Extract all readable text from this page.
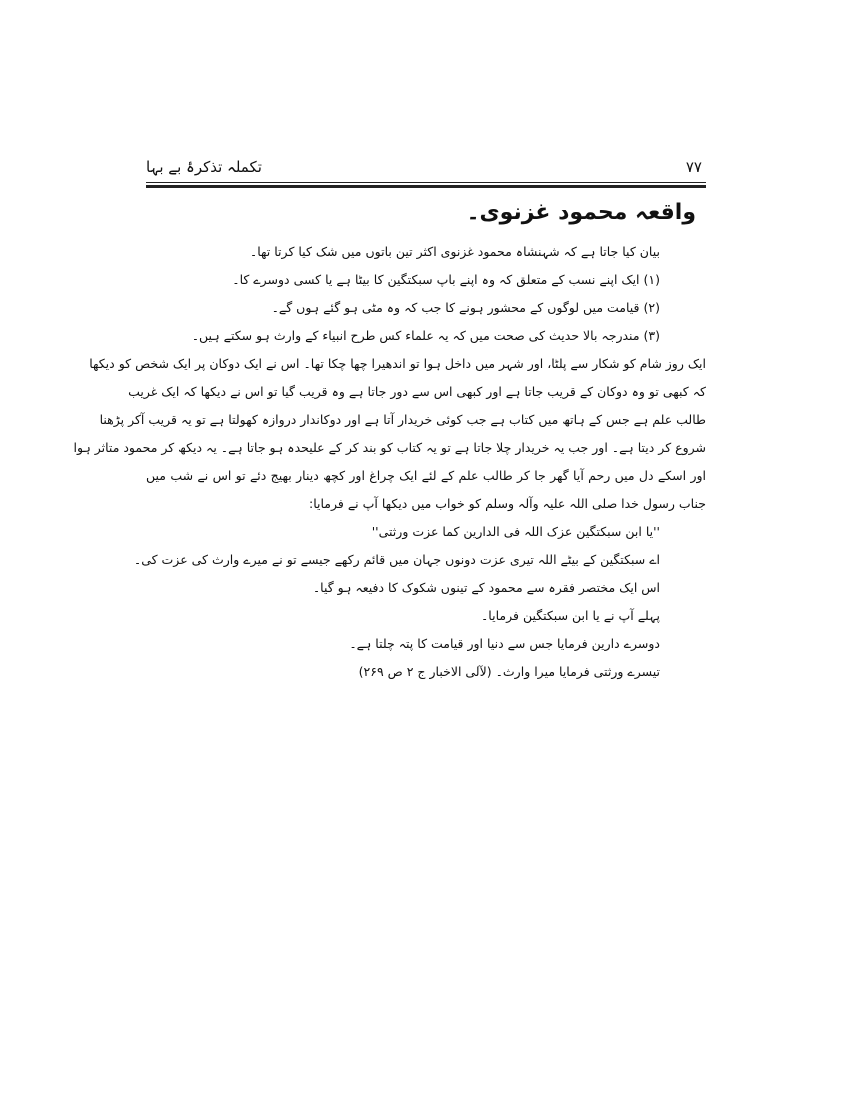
تکملہ تذکرۂ بے بہا	۷۷
واقعہ محمود غزنوی۔
بیان کیا جاتا ہے کہ شہنشاہ محمود غزنوی اکثر تین باتوں میں شک کیا کرتا تھا۔
(۱) ایک اپنے نسب کے متعلق کہ وہ اپنے باپ سبکتگین کا بیٹا ہے یا کسی دوسرے کا۔
(۲) قیامت میں لوگوں کے محشور ہونے کا جب کہ وہ مٹی ہو گئے ہوں گے۔
(۳) مندرجہ بالا حدیث کی صحت میں کہ یہ علماء کس طرح انبیاء کے وارث ہو سکتے ہیں۔
ایک روز شام کو شکار سے پلٹا، اور شہر میں داخل ہوا تو اندھیرا چھا چکا تھا۔ اس نے ایک دوکان پر ایک شخص کو دیکھا
کہ کبھی تو وہ دوکان کے قریب جاتا ہے اور کبھی اس سے دور جاتا ہے وہ قریب گیا تو اس نے دیکھا کہ ایک غریب
طالب علم ہے جس کے ہاتھ میں کتاب ہے جب کوئی خریدار آتا ہے اور دوکاندار دروازہ کھولتا ہے تو یہ قریب آکر پڑھنا
شروع کر دیتا ہے۔ اور جب یہ خریدار چلا جاتا ہے تو یہ کتاب کو بند کر کے علیحدہ ہو جاتا ہے۔ یہ دیکھ کر محمود متاثر ہوا
اور اسکے دل میں رحم آیا گھر جا کر طالب علم کے لئے ایک چراغ اور کچھ دینار بھیج دئے تو اس نے شب میں
جناب رسول خدا صلی اللہ علیہ وآلہ وسلم کو خواب میں دیکھا آپ نے فرمایا:
''یا ابن سبکتگین عزک اللہ فی الدارین کما عزت ورثتی''
اے سبکتگین کے بیٹے اللہ تیری عزت دونوں جہان میں قائم رکھے جیسے تو نے میرے وارث کی عزت کی۔
اس ایک مختصر فقرہ سے محمود کے تینوں شکوک کا دفیعہ ہو گیا۔
پہلے آپ نے یا ابن سبکتگین فرمایا۔
دوسرے دارین فرمایا جس سے دنیا اور قیامت کا پتہ چلتا ہے۔
تیسرے ورثتی فرمایا میرا وارث۔ (لآلی الاخبار ج ۲ ص ۲۶۹)
